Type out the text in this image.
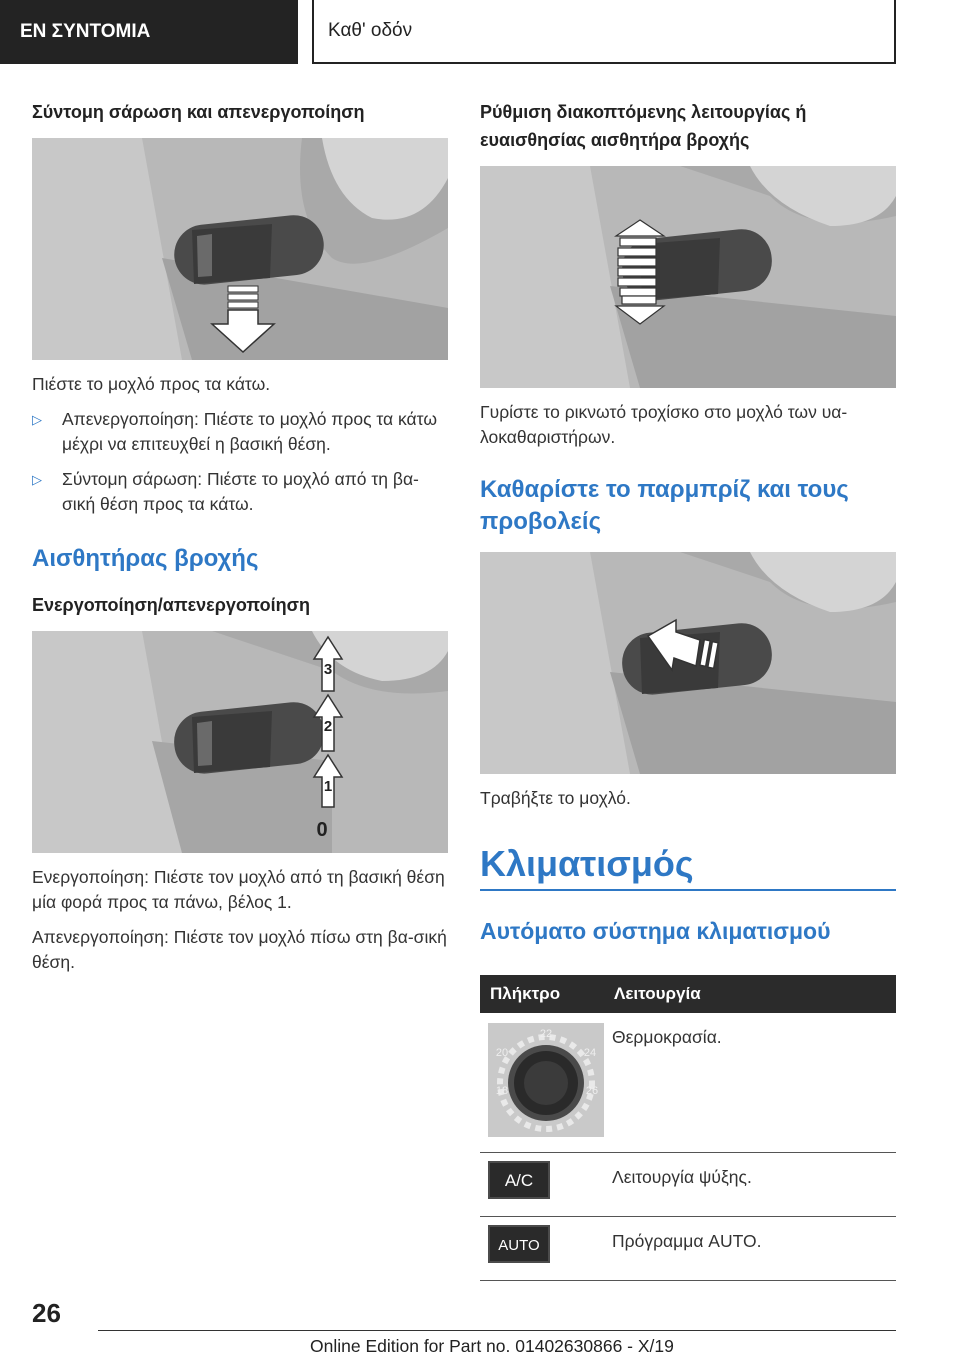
ΕΝ ΣΥΝΤΟΜΙΑ	Καθ' οδόν
Σύντομη σάρωση και απενεργοποίηση

Πιέστε το μοχλό προς τα κάτω.

▷	Απενεργοποίηση: Πιέστε το μοχλό προς τα κάτω μέχρι να επιτευχθεί η βασική θέση.
▷	Σύντομη σάρωση: Πιέστε το μοχλό από τη βα-σική θέση προς τα κάτω.
Αισθητήρας βροχής
Ενεργοποίηση/απενεργοποίηση
1
2
3
0

Ενεργοποίηση: Πιέστε τον μοχλό από τη βασική θέση μία φορά προς τα πάνω, βέλος 1.

Απενεργοποίηση: Πιέστε τον μοχλό πίσω στη βα-σική θέση.

Ρύθμιση διακοπτόμενης λειτουργίας ή ευαισθησίας αισθητήρα βροχής

Γυρίστε το ρικνωτό τροχίσκο στο μοχλό των υα-λοκαθαριστήρων.

Καθαρίστε το παρμπρίζ και τους προβολείς

Τραβήξτε το μοχλό.

Κλιματισμός
Αυτόματο σύστημα κλιματισμού
Πλήκτρο	Λειτουργία

18
20
22
24
26	Θερμοκρασία.

A/C	Λειτουργία ψύξης.

AUTO	Πρόγραμμα AUTO.
26
Online Edition for Part no. 01402630866 - X/19
